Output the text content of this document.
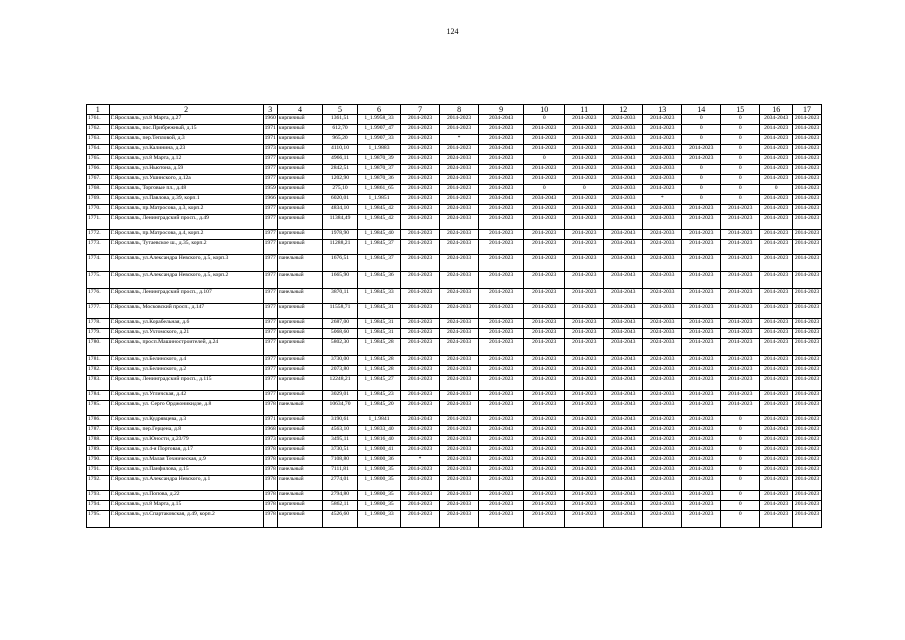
124
1	2	3	4	5	6	7	8	9	10	11	12	13	14	15	16	17
1761.	Г.Ярославль, ул.8 Марта, д.27	1960	кирпичный	1361,51	1_1.9958_33	2014-2023	2014-2023	2034-2043	0	2014-2023	2024-2033	2014-2023	0	0	2034-2043	2014-2023
1762.	Г.Ярославль, пос.Прибрежный, д.15	1971	кирпичный	612,70	1_1.9907_47	2014-2023	2014-2023	2014-2023	2014-2023	2014-2023	2024-2033	2014-2023	0	0	2014-2023	2014-2023
1763.	Г.Ярославль, пер.Тепловой, д.3	1971	кирпичный	965,20	1_1.9907_33	2014-2023	*	2014-2023	2014-2023	2014-2023	2024-2033	2014-2023	0	0	2014-2023	2014-2023
1764.	Г.Ярославль, ул.Калинина, д.23	1973	кирпичный	4110,10	1_1.9883	2014-2023	2014-2023	2034-2043	2014-2023	2014-2023	2034-2043	2014-2023	2014-2023	0	2014-2023	2014-2023
1765.	Г.Ярославль, ул.8 Марта, д.12	1977	кирпичный	4966,11	1_1.9870_39	2014-2023	2024-2033	2014-2023	0	2014-2023	2034-2043	2024-2033	2014-2023	0	2014-2023	2014-2023
1766.	Г.Ярославль, ул.Ньютона, д.59	1977	кирпичный	2842,51	1_1.9870_37	2014-2023	2024-2033	2014-2023	2014-2023	2014-2023	2034-2043	2024-2033	0	0	2014-2023	2014-2023
1767.	Г.Ярославль, ул.Ушинского, д.12а	1977	кирпичный	1202,90	1_1.9870_36	2014-2023	2024-2033	2014-2023	2014-2023	2014-2023	2034-2043	2024-2033	0	0	2014-2023	2014-2023
1768.	Г.Ярославль, Торговые пл., д.48	1959	кирпичный	275,10	1_1.9861_65	2014-2023	2014-2023	2014-2023	0	0	2024-2033	2014-2023	0	0	0	2014-2023
1769.	Г.Ярославль, ул.Павлова, д.39, корп.1	1966	кирпичный	6020,01	1_1.9851	2014-2023	2014-2023	2034-2043	2034-2043	2014-2023	2024-2033	*	0	0	2014-2023	2014-2023
1770.	Г.Ярославль, пр.Матросова, д.3, корп.2	1977	кирпичный	4834,10	1_1.9845_42	2014-2023	2024-2033	2014-2023	2014-2023	2014-2023	2034-2043	2024-2033	2014-2023	2014-2023	2014-2023	2014-2023
1771.	Г.Ярославль, Ленинградский просп., д.49	1977	кирпичный	11384,49	1_1.9845_42	2014-2023	2024-2033	2014-2023	2014-2023	2014-2023	2034-2043	2024-2033	2014-2023	2014-2023	2014-2023	2014-2023
1772.	Г.Ярославль, пр.Матросова, д.4, корп.2	1977	кирпичный	1978,90	1_1.9845_40	2014-2023	2024-2033	2014-2023	2014-2023	2014-2023	2034-2043	2024-2033	2014-2023	2014-2023	2014-2023	2014-2023
1773.	Г.Ярославль, Тутаевское ш., д.35, корп.2	1977	кирпичный	11288,21	1_1.9845_37	2014-2023	2024-2033	2014-2023	2014-2023	2014-2023	2034-2043	2024-2033	2014-2023	2014-2023	2014-2023	2014-2023
1774.	Г.Ярославль, ул.Александра Невского, д.5, корп.3	1977	панельный	1676,51	1_1.9845_37	2014-2023	2024-2033	2014-2023	2014-2023	2014-2023	2034-2043	2024-2033	2014-2023	2014-2023	2014-2023	2014-2023
1775.	Г.Ярославль, ул.Александра Невского, д.5, корп.2	1977	панельный	1665,90	1_1.9845_36	2014-2023	2024-2033	2014-2023	2014-2023	2014-2023	2034-2043	2024-2033	2014-2023	2014-2023	2014-2023	2014-2023
1776.	Г.Ярославль, Ленинградский просп., д.107	1977	панельный	3870,11	1_1.9845_33	2014-2023	2024-2033	2014-2023	2014-2023	2014-2023	2034-2043	2024-2033	2014-2023	2014-2023	2014-2023	2014-2023
1777.	Г.Ярославль, Московский просп., д.147	1977	кирпичный	11558,71	1_1.9845_31	2014-2023	2024-2033	2014-2023	2014-2023	2014-2023	2034-2043	2024-2033	2014-2023	2014-2023	2014-2023	2014-2023
1778.	Г.Ярославль, ул.Корабельная, д.6	1977	кирпичный	2687,00	1_1.9845_31	2014-2023	2024-2033	2014-2023	2014-2023	2014-2023	2034-2043	2024-2033	2014-2023	2014-2023	2014-2023	2014-2023
1779.	Г.Ярославль, ул.Ухтомского, д.21	1977	кирпичный	5068,60	1_1.9845_31	2014-2023	2024-2033	2014-2023	2014-2023	2014-2023	2034-2043	2024-2033	2014-2023	2014-2023	2014-2023	2014-2023
1780.	Г.Ярославль, просп.Машиностроителей, д.24	1977	кирпичный	5802,30	1_1.9845_28	2014-2023	2024-2033	2014-2023	2014-2023	2014-2023	2034-2043	2024-2033	2014-2023	2014-2023	2014-2023	2014-2023
1781.	Г.Ярославль, ул.Белинского, д.4	1977	кирпичный	3730,00	1_1.9845_28	2014-2023	2024-2033	2014-2023	2014-2023	2014-2023	2034-2043	2024-2033	2014-2023	2014-2023	2014-2023	2014-2023
1782.	Г.Ярославль, ул.Белинского, д.2	1977	кирпичный	2073,80	1_1.9845_28	2014-2023	2024-2033	2014-2023	2014-2023	2014-2023	2034-2043	2024-2033	2014-2023	2014-2023	2014-2023	2014-2023
1783.	Г.Ярославль, Ленинградский просп., д.115	1977	кирпичный	12248,21	1_1.9845_27	2014-2023	2024-2033	2014-2023	2014-2023	2014-2023	2034-2043	2024-2033	2014-2023	2014-2023	2014-2023	2014-2023
1784.	Г.Ярославль, ул.Угличская, д.42	1977	кирпичный	3029,01	1_1.9845_23	2014-2023	2024-2033	2014-2023	2014-2023	2014-2023	2034-2043	2024-2033	2014-2023	2014-2023	2014-2023	2014-2023
1785.	Г.Ярославль, ул. Серго Орджоникидзе, д.8	1978	панельный	10634,70	1_1.9845_20	2014-2023	2024-2033	2014-2023	2014-2023	2014-2023	2034-2043	2024-2033	2014-2023	2014-2023	2014-2023	2014-2023
1786.	Г.Ярославль, ул.Кудрявцева, д.3	1971	кирпичный	3190,61	1_1.9841	2034-2043	2014-2023	2014-2023	2014-2023	2014-2023	2034-2043	2014-2023	2014-2023	0	2014-2023	2014-2023
1787.	Г.Ярославль, пер.Герцена, д.8	1968	кирпичный	4563,10	1_1.9833_40	2014-2023	2014-2023	2034-2043	2014-2023	2014-2023	2034-2043	2014-2023	2014-2023	0	2034-2043	2014-2023
1788.	Г.Ярославль, ул.Юности, д.23/79	1973	кирпичный	3495,11	1_1.9816_40	2014-2023	2024-2033	2014-2023	2014-2023	2014-2023	2034-2043	2014-2023	2014-2023	0	2014-2023	2014-2023
1789.	Г.Ярославль, ул.4-я Портовая, д.17	1978	кирпичный	3730,51	1_1.9800_41	2014-2023	2024-2033	2014-2023	2014-2023	2014-2023	2034-2043	2024-2033	2014-2023	0	2014-2023	2014-2023
1790.	Г.Ярославль, ул.Малая Техническая, д.9	1978	кирпичный	7108,80	1_1.9800_36	*	2024-2033	2014-2023	2014-2023	2014-2023	2034-2043	2024-2033	2014-2023	0	2014-2023	2014-2023
1791.	Г.Ярославль, ул.Панфилова, д.15	1978	панельный	7111,81	1_1.9800_35	2014-2023	2024-2033	2014-2023	2014-2023	2014-2023	2034-2043	2024-2033	2014-2023	0	2014-2023	2014-2023
1792.	Г.Ярославль, ул.Александра Невского, д.1	1978	панельный	2774,01	1_1.9800_35	2014-2023	2024-2033	2014-2023	2014-2023	2014-2023	2034-2043	2024-2033	2014-2023	0	2014-2023	2014-2023
1793.	Г.Ярославль, ул.Попова, д.22	1978	панельный	2794,80	1_1.9800_35	2014-2023	2024-2033	2014-2023	2014-2023	2014-2023	2034-2043	2024-2033	2014-2023	0	2014-2023	2014-2023
1794.	Г.Ярославль, ул.8 Марта, д.15	1978	кирпичный	5862,11	1_1.9800_35	2014-2023	2024-2033	2014-2023	2014-2023	2014-2023	2034-2043	2024-2033	2014-2023	0	2014-2023	2014-2023
1795.	Г.Ярославль, ул.Спартаковская, д.49, корп.2	1978	кирпичный	4526,60	1_1.9800_33	2014-2023	2024-2033	2014-2023	2014-2023	2014-2023	2034-2043	2024-2033	2014-2023	0	2014-2023	2014-2023
